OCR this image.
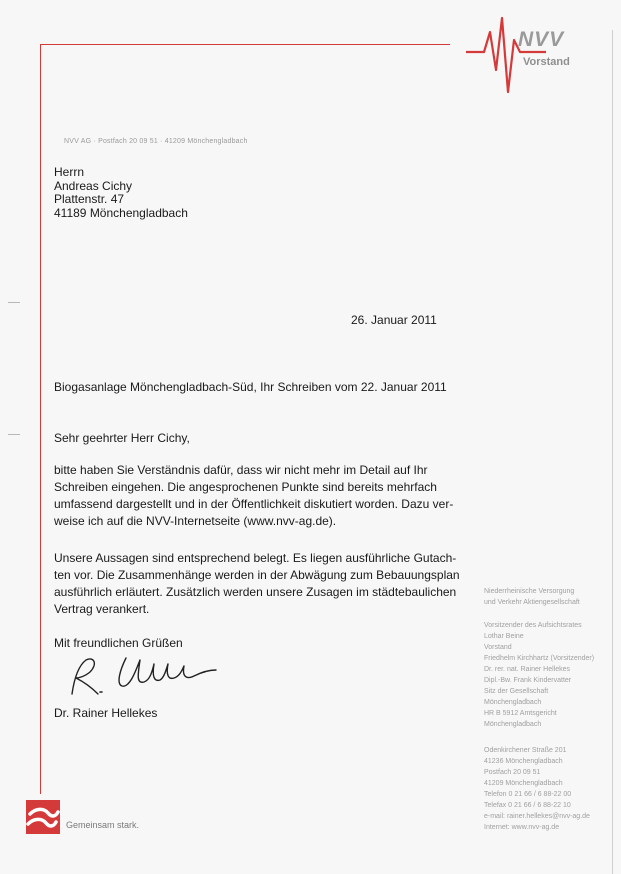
NVV
Vorstand
NVV AG · Postfach 20 09 51 · 41209 Mönchengladbach
Herrn
Andreas Cichy
Plattenstr. 47
41189 Mönchengladbach
26. Januar 2011
Biogasanlage Mönchengladbach-Süd, Ihr Schreiben vom 22. Januar 2011
Sehr geehrter Herr Cichy,
bitte haben Sie Verständnis dafür, dass wir nicht mehr im Detail auf Ihr
Schreiben eingehen. Die angesprochenen Punkte sind bereits mehrfach
umfassend dargestellt und in der Öffentlichkeit diskutiert worden. Dazu ver-
weise ich auf die NVV-Internetseite (www.nvv-ag.de).
Unsere Aussagen sind entsprechend belegt. Es liegen ausführliche Gutach-
ten vor. Die Zusammenhänge werden in der Abwägung zum Bebauungsplan
ausführlich erläutert. Zusätzlich werden unsere Zusagen im städtebaulichen
Vertrag verankert.
Mit freundlichen Grüßen
Dr. Rainer Hellekes
Niederrheinische Versorgung
und Verkehr Aktiengesellschaft
Vorsitzender des Aufsichtsrates
Lothar Beine
Vorstand
Friedhelm Kirchhartz (Vorsitzender)
Dr. rer. nat. Rainer Hellekes
Dipl.-Bw. Frank Kindervatter
Sitz der Gesellschaft
Mönchengladbach
HR B 5912 Amtsgericht
Mönchengladbach
Odenkirchener Straße 201
41236 Mönchengladbach
Postfach 20 09 51
41209 Mönchengladbach
Telefon 0 21 66 / 6 88-22 00
Telefax 0 21 66 / 6 88-22 10
e-mail: rainer.hellekes@nvv-ag.de
Internet: www.nvv-ag.de
Gemeinsam stark.
